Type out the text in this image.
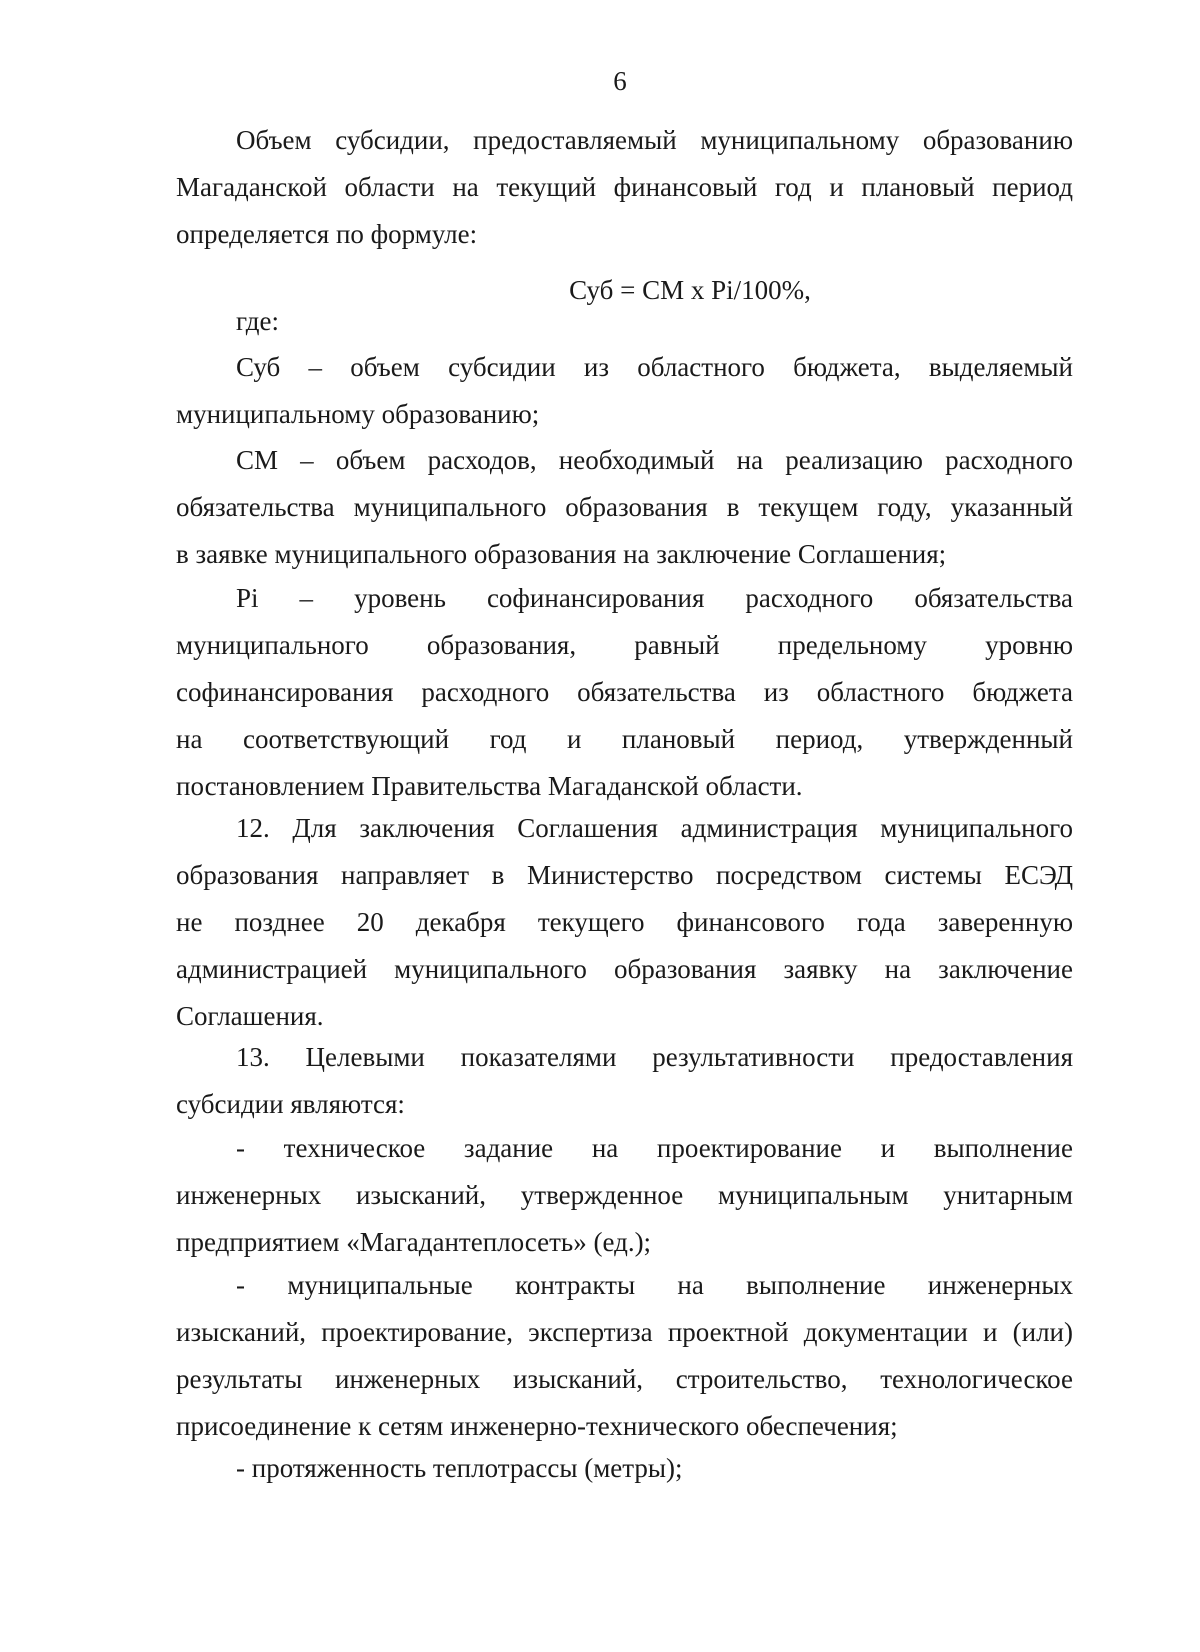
6
Объем субсидии, предоставляемый муниципальному образованию
Магаданской области на текущий финансовый год и плановый период
определяется по формуле:
Суб = СМ х Pi/100%,
где:
Суб – объем субсидии из областного бюджета, выделяемый
муниципальному образованию;
СМ – объем расходов, необходимый на реализацию расходного
обязательства муниципального образования в текущем году, указанный
в заявке муниципального образования на заключение Соглашения;
Pi – уровень софинансирования расходного обязательства
муниципального образования, равный предельному уровню
софинансирования расходного обязательства из областного бюджета
на соответствующий год и плановый период, утвержденный
постановлением Правительства Магаданской области.
12. Для заключения Соглашения администрация муниципального
образования направляет в Министерство посредством системы ЕСЭД
не позднее 20 декабря текущего финансового года заверенную
администрацией муниципального образования заявку на заключение
Соглашения.
13. Целевыми показателями результативности предоставления
субсидии являются:
- техническое задание на проектирование и выполнение
инженерных изысканий, утвержденное муниципальным унитарным
предприятием «Магадантеплосеть» (ед.);
- муниципальные контракты на выполнение инженерных
изысканий, проектирование, экспертиза проектной документации и (или)
результаты инженерных изысканий, строительство, технологическое
присоединение к сетям инженерно-технического обеспечения;
- протяженность теплотрассы (метры);
